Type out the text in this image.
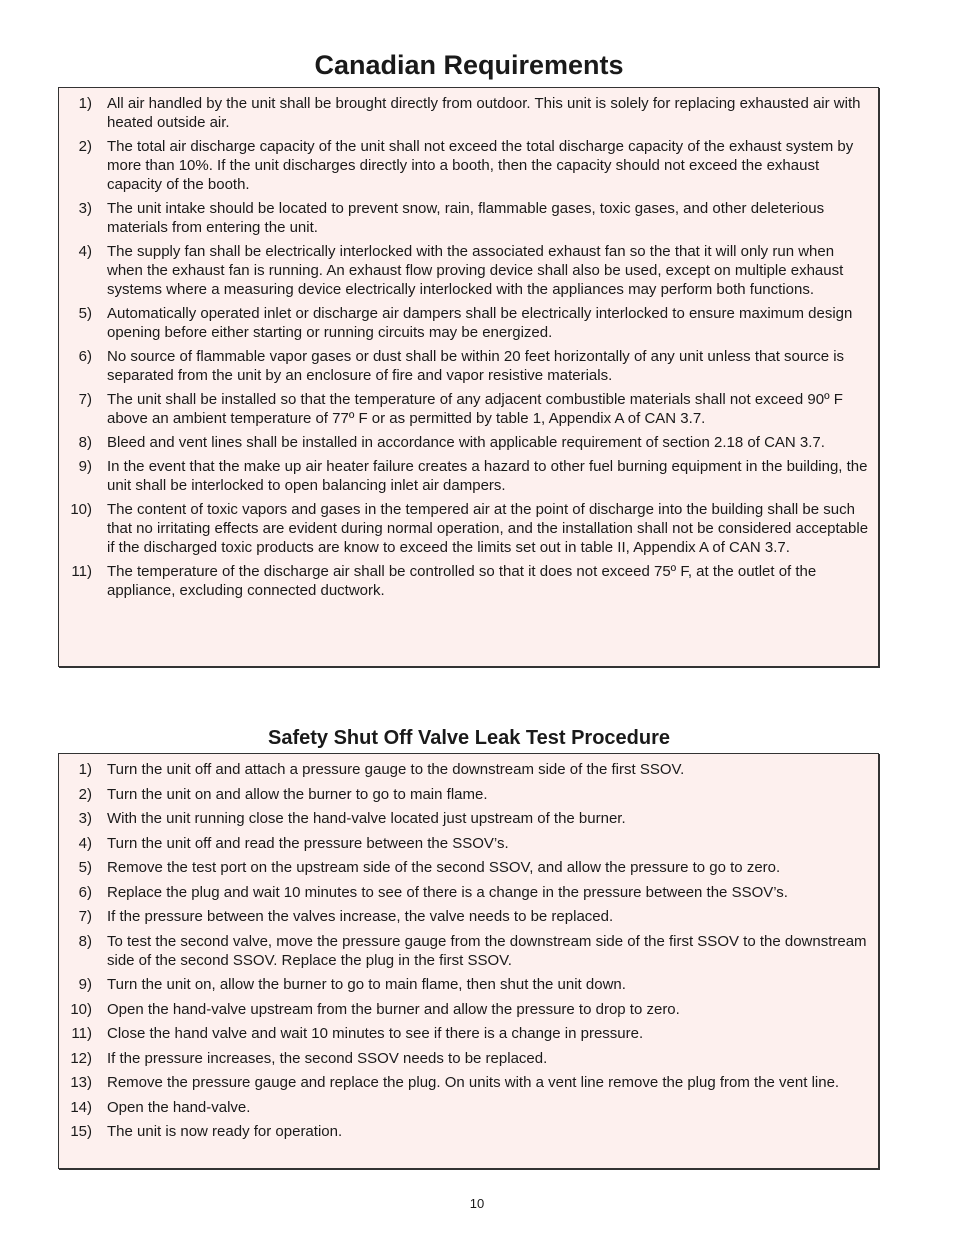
Canadian Requirements
1) All air handled by the unit shall be brought directly from outdoor. This unit is solely for replacing exhausted air with heated outside air.
2) The total air discharge capacity of the unit shall not exceed the total discharge capacity of the exhaust system by more than 10%. If the unit discharges directly into a booth, then the capacity should not exceed the exhaust capacity of the booth.
3) The unit intake should be located to prevent snow, rain, flammable gases, toxic gases, and other deleterious materials from entering the unit.
4) The supply fan shall be electrically interlocked with the associated exhaust fan so the that it will only run when when the exhaust fan is running. An exhaust flow proving device shall also be used, except on multiple exhaust systems where a measuring device electrically interlocked with the appliances may perform both functions.
5) Automatically operated inlet or discharge air dampers shall be electrically interlocked to ensure maximum design opening before either starting or running circuits may be energized.
6) No source of flammable vapor gases or dust shall be within 20 feet horizontally of any unit unless that source is separated from the unit by an enclosure of fire and vapor resistive materials.
7) The unit shall be installed so that the temperature of any adjacent combustible materials shall not exceed 90º F above an ambient temperature of 77º F or as permitted by table 1, Appendix A of CAN 3.7.
8) Bleed and vent lines shall be installed in accordance with applicable requirement of section 2.18 of CAN 3.7.
9) In the event that the make up air heater failure creates a hazard to other fuel burning equipment in the building, the unit shall be interlocked to open balancing inlet air dampers.
10) The content of toxic vapors and gases in the tempered air at the point of discharge into the building shall be such that no irritating effects are evident during normal operation, and the installation shall not be considered acceptable if the discharged toxic products are know to exceed the limits set out in table II, Appendix A of CAN 3.7.
11) The temperature of the discharge air shall be controlled so that it does not exceed 75º F, at the outlet of the appliance, excluding connected ductwork.
Safety Shut Off Valve Leak Test Procedure
1) Turn the unit off and attach a pressure gauge to the downstream side of the first SSOV.
2) Turn the unit on and allow the burner to go to main flame.
3) With the unit running close the hand-valve located just upstream of the burner.
4) Turn the unit off and read the pressure between the SSOV’s.
5) Remove the test port on the upstream side of the second SSOV, and allow the pressure to go to zero.
6) Replace the plug and wait 10 minutes to see of there is a change in the pressure between the SSOV’s.
7) If the pressure between the valves increase, the valve needs to be replaced.
8) To test the second valve, move the pressure gauge from the downstream side of the first SSOV to the downstream side of the second SSOV. Replace the plug in the first SSOV.
9) Turn the unit on, allow the burner to go to main flame, then shut the unit down.
10) Open the hand-valve upstream from the burner and allow the pressure to drop to zero.
11) Close the hand valve and wait 10 minutes to see if there is a change in pressure.
12) If the pressure increases, the second SSOV needs to be replaced.
13) Remove the pressure gauge and replace the plug. On units with a vent line remove the plug from the vent line.
14) Open the hand-valve.
15) The unit is now ready for operation.
10
